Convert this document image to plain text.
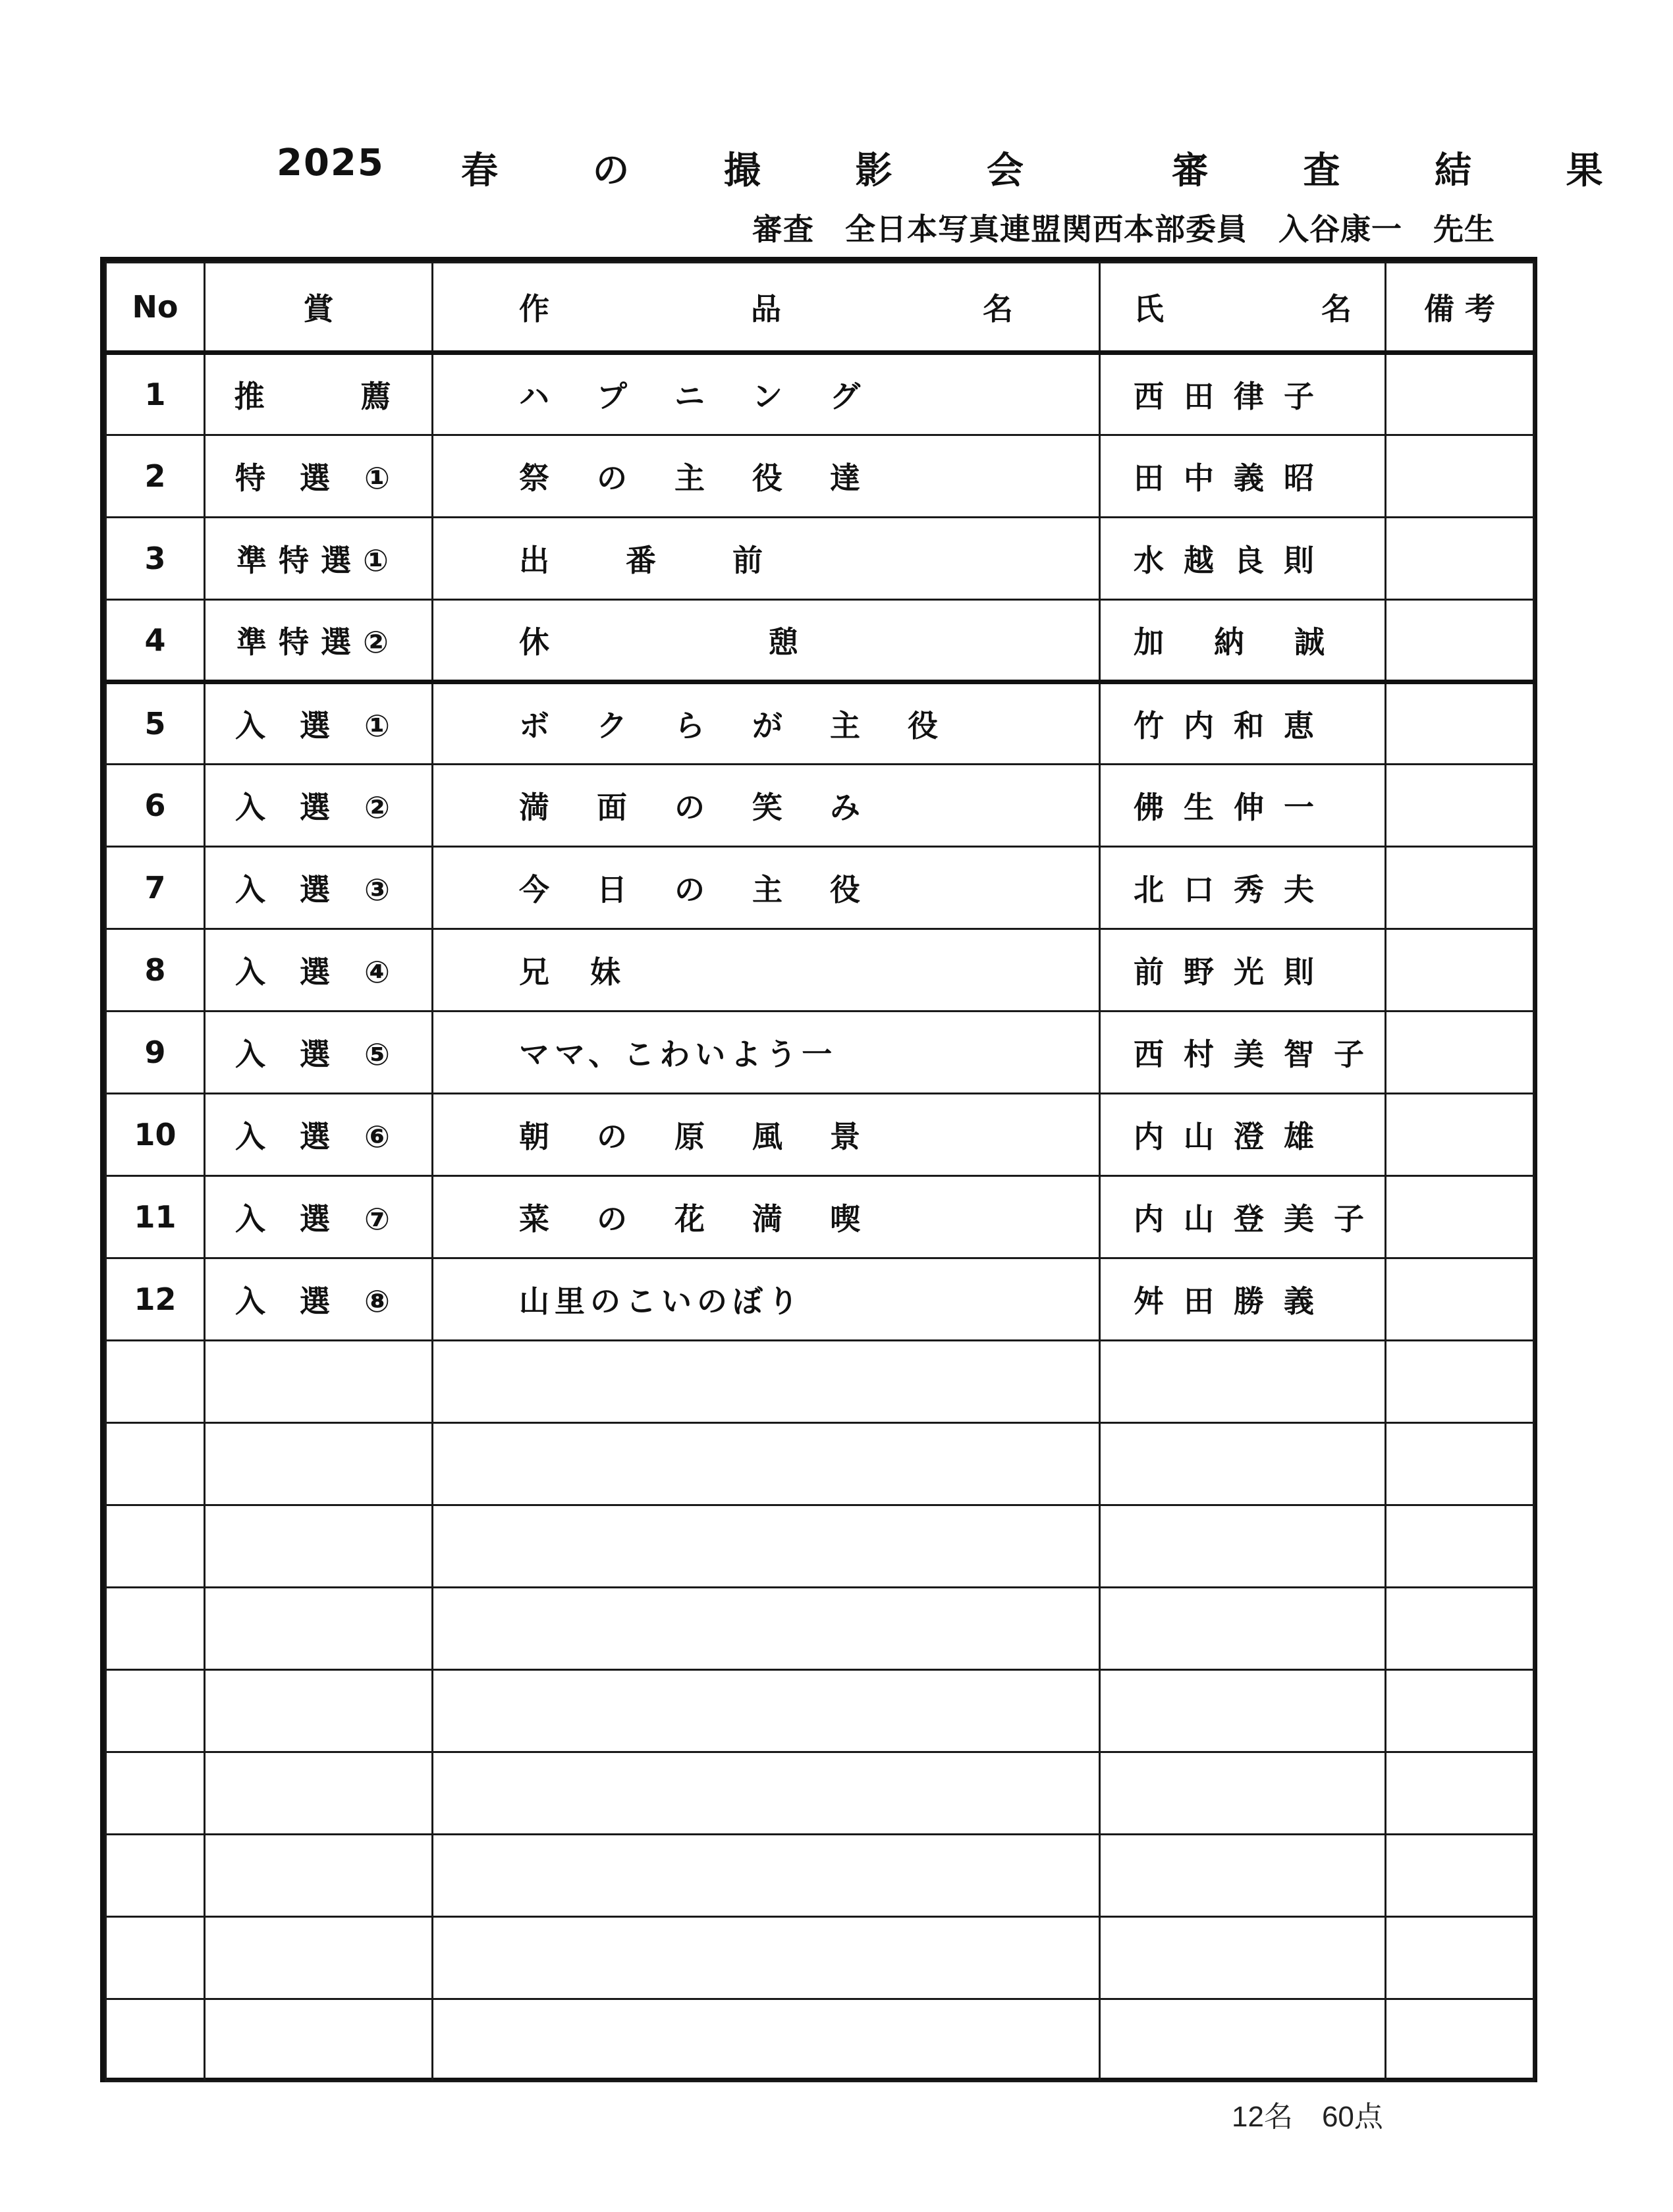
2025 春 の 撮 影 会  審 査 結 果
審査　全日本写真連盟関西本部委員　入谷康一　先生
No	賞	作 品 名	氏 名	備 考
1	推　　薦	ハ プ ニ ン グ	西田律子	
2	特 選 ①	祭 の 主 役 達	田中義昭	
3	準特選①	出　　番　　前	水越良則	
4	準特選②	休　　　　　　憩	加 納 誠	
5	入 選 ①	ボ ク ら が 主 役	竹内和恵	
6	入 選 ②	満 面 の 笑 み	佛生伸一	
7	入 選 ③	今 日 の 主 役	北口秀夫	
8	入 選 ④	兄　妹	前野光則	
9	入 選 ⑤	ママ、こわいよう一	西村美智子	
10	入 選 ⑥	朝 の 原 風 景	内山澄雄	
11	入 選 ⑦	菜 の 花 満 喫	内山登美子	
12	入 選 ⑧	山里のこいのぼり	舛田勝義	

12名　60点
